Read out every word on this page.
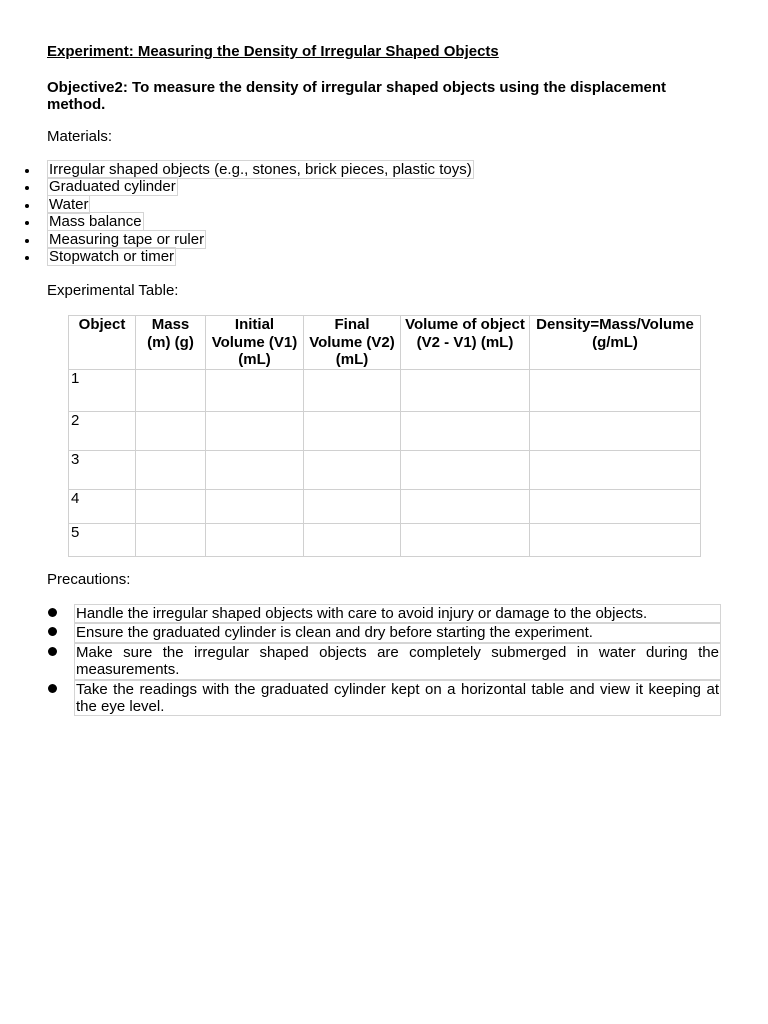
Experiment: Measuring the Density of Irregular Shaped Objects
Objective2: To measure the density of irregular shaped objects using the displacement method.
Materials:
Irregular shaped objects (e.g., stones, brick pieces, plastic toys)
Graduated cylinder
Water
Mass balance
Measuring tape or ruler
Stopwatch or timer
Experimental Table:
Object	Mass (m) (g)	Initial Volume (V1) (mL)	Final Volume (V2) (mL)	Volume of object (V2 - V1) (mL)	Density=Mass/Volume (g/mL)
1					
2					
3					
4					
5					
Precautions:
Handle the irregular shaped objects with care to avoid injury or damage to the objects.
Ensure the graduated cylinder is clean and dry before starting the experiment.
Make sure the irregular shaped objects are completely submerged in water during the measurements.
Take the readings with the graduated cylinder kept on a horizontal table and view it keeping at the eye level.
